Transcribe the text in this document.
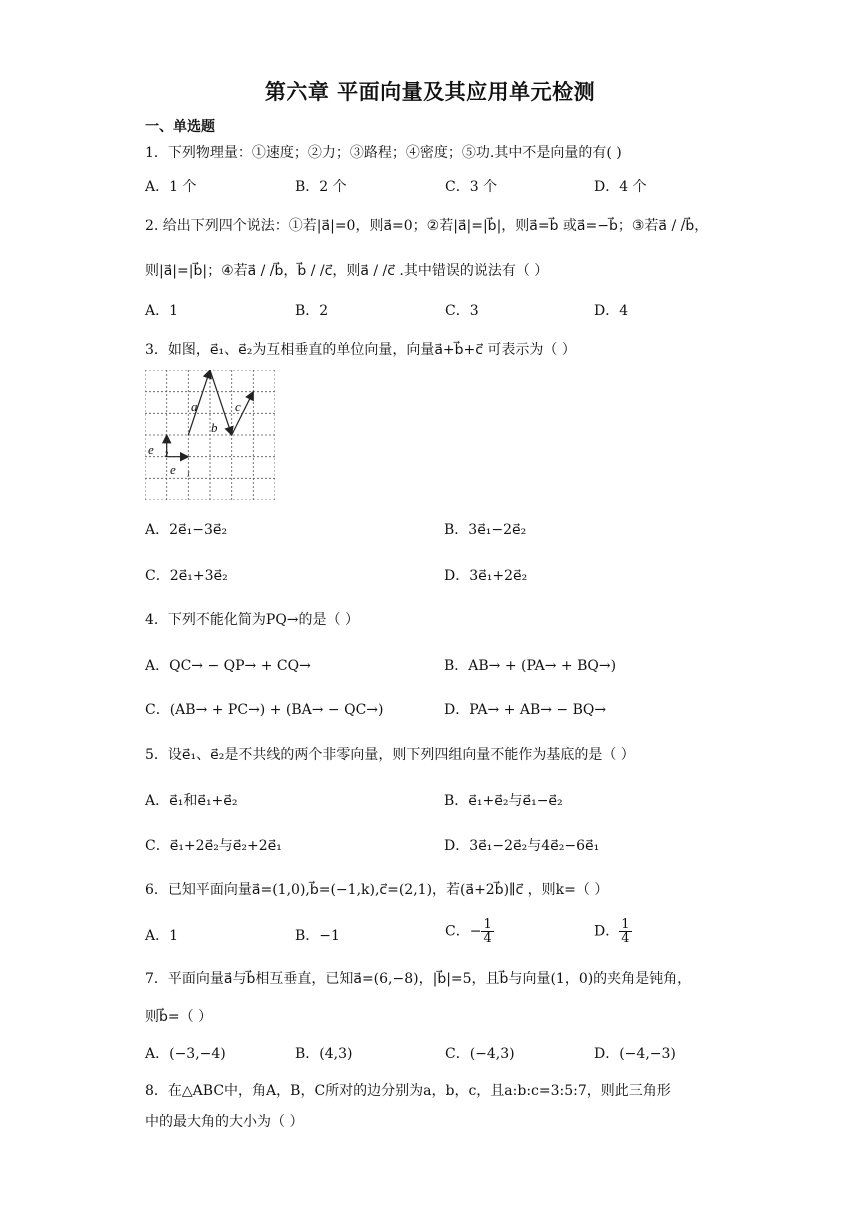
第六章 平面向量及其应用单元检测
一、单选题
1．下列物理量：①速度；②力；③路程；④密度；⑤功.其中不是向量的有( )
A．1 个	B．2 个	C．3 个	D．4 个
2. 给出下列四个说法：①若|a⃗|=0，则a⃗=0；②若|a⃗|=|b⃗|，则a⃗=b⃗ 或a⃗=−b⃗；③若a⃗ / /b⃗，
则|a⃗|=|b⃗|；④若a⃗ / /b⃗，b⃗ / /c⃗，则a⃗ / /c⃗ .其中错误的说法有（ ）
A．1	B．2	C．3	D．4
3．如图，e⃗₁、e⃗₂为互相垂直的单位向量，向量a⃗+b⃗+c⃗ 可表示为（ ）
a⃗
b⃗
c⃗
e⃗₂
e⃗₁
A．2e⃗₁−3e⃗₂	B．3e⃗₁−2e⃗₂
C．2e⃗₁+3e⃗₂	D．3e⃗₁+2e⃗₂
4．下列不能化简为PQ→的是（ ）
A．QC→ − QP→ + CQ→	B．AB→ + (PA→ + BQ→)
C．(AB→ + PC→) + (BA→ − QC→)	D．PA→ + AB→ − BQ→
5．设e⃗₁、e⃗₂是不共线的两个非零向量，则下列四组向量不能作为基底的是（ ）
A．e⃗₁和e⃗₁+e⃗₂	B．e⃗₁+e⃗₂与e⃗₁−e⃗₂
C．e⃗₁+2e⃗₂与e⃗₂+2e⃗₁	D．3e⃗₁−2e⃗₂与4e⃗₂−6e⃗₁
6．已知平面向量a⃗=(1,0),b⃗=(−1,k),c⃗=(2,1)，若(a⃗+2b⃗)∥c⃗ ，则k=（ ）
A．1	B．−1	C．− $\frac{1}{4}$	D． $\frac{1}{4}$
7．平面向量a⃗与b⃗相互垂直，已知a⃗=(6,−8)，|b⃗|=5，且b⃗与向量(1，0)的夹角是钝角，
则b⃗=（ ）
A．(−3,−4)	B．(4,3)	C．(−4,3)	D．(−4,−3)
8．在△ABC中，角A，B，C所对的边分别为a，b，c，且a:b:c=3:5:7，则此三角形
中的最大角的大小为（ ）
